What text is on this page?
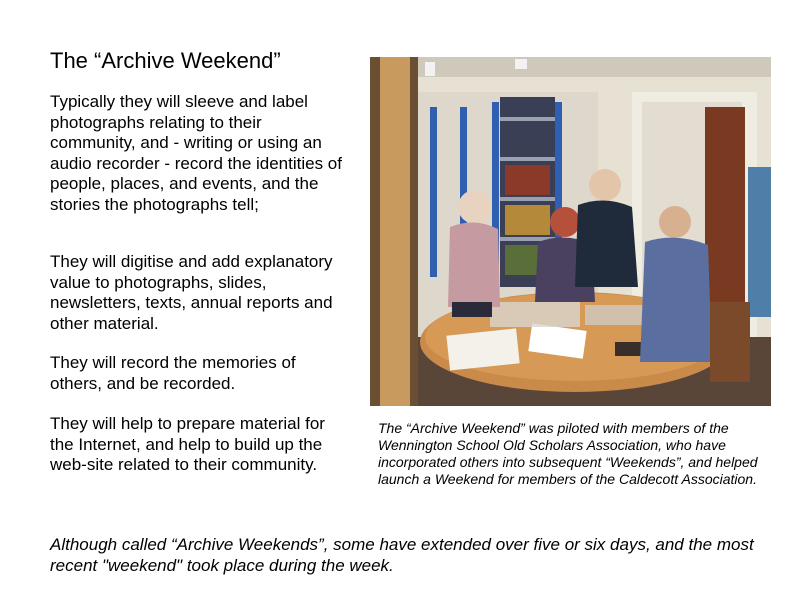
The “Archive Weekend”
Typically they will sleeve and label photographs relating to their community, and - writing or using an audio recorder - record the identities of people, places, and events, and the stories the photographs tell;
They will digitise and add explanatory value to photographs, slides, newsletters, texts, annual reports and other material.
They will record the memories of others, and be recorded.
They will help to prepare material for the Internet, and help to build up the web-site related to their community.
The “Archive Weekend” was piloted with members of the Wennington School Old Scholars Association, who have incorporated others into subsequent “Weekends”, and helped launch a Weekend for members of the Caldecott Association.
Although called “Archive Weekends”, some have extended over five or six days, and the most recent "weekend" took place during the week.
